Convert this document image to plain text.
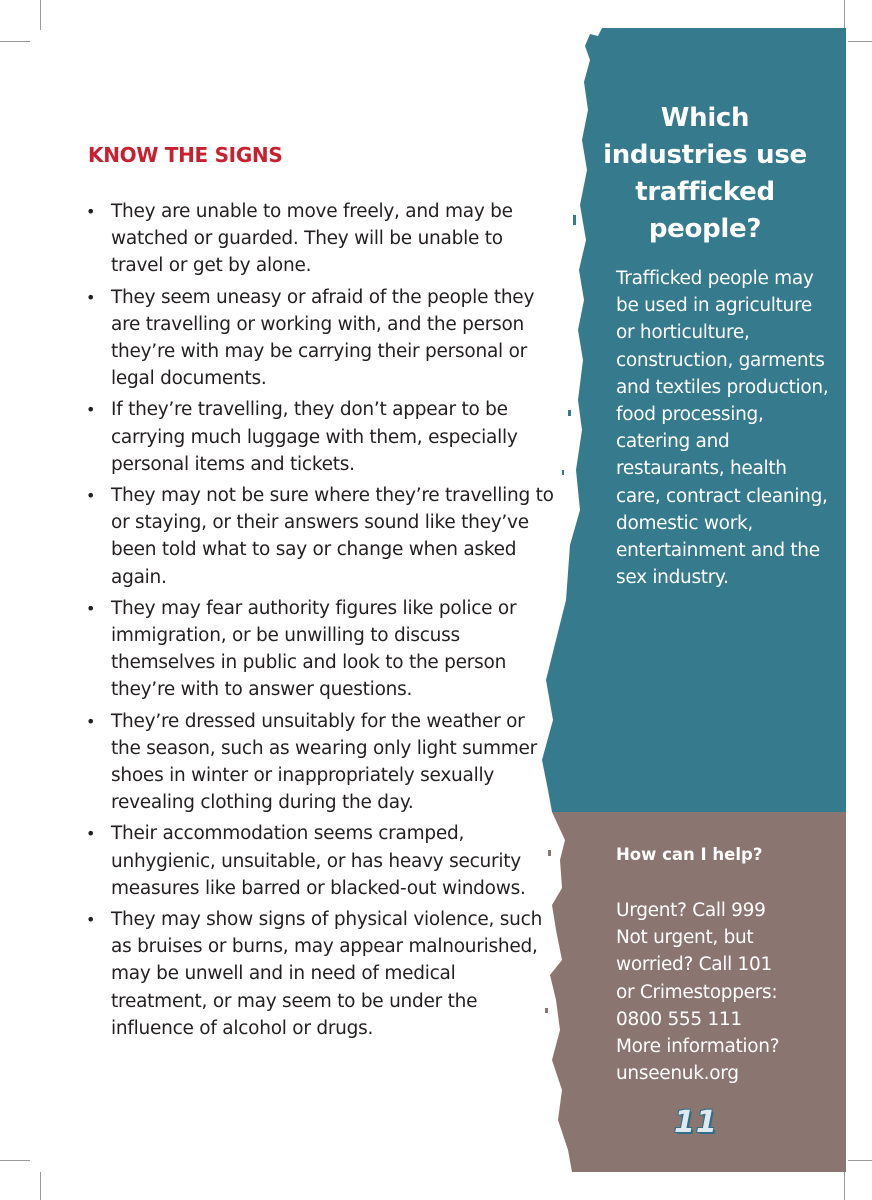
KNOW THE SIGNS
• They are unable to move freely, and may be watched or guarded. They will be unable to travel or get by alone.
• They seem uneasy or afraid of the people they are travelling or working with, and the person they’re with may be carrying their personal or legal documents.
• If they’re travelling, they don’t appear to be carrying much luggage with them, especially personal items and tickets.
• They may not be sure where they’re travelling to or staying, or their answers sound like they’ve been told what to say or change when asked again.
• They may fear authority figures like police or immigration, or be unwilling to discuss themselves in public and look to the person they’re with to answer questions.
• They’re dressed unsuitably for the weather or the season, such as wearing only light summer shoes in winter or inappropriately sexually revealing clothing during the day.
• Their accommodation seems cramped, unhygienic, unsuitable, or has heavy security measures like barred or blacked-out windows.
• They may show signs of physical violence, such as bruises or burns, may appear malnourished, may be unwell and in need of medical treatment, or may seem to be under the influence of alcohol or drugs.
Which industries use trafficked people?

Trafficked people may be used in agriculture or horticulture, construction, garments and textiles production, food processing, catering and restaurants, health care, contract cleaning, domestic work, entertainment and the sex industry.

How can I help?
Urgent? Call 999
Not urgent, but
worried? Call 101
or Crimestoppers:
0800 555 111
More information?
unseenuk.org
11
